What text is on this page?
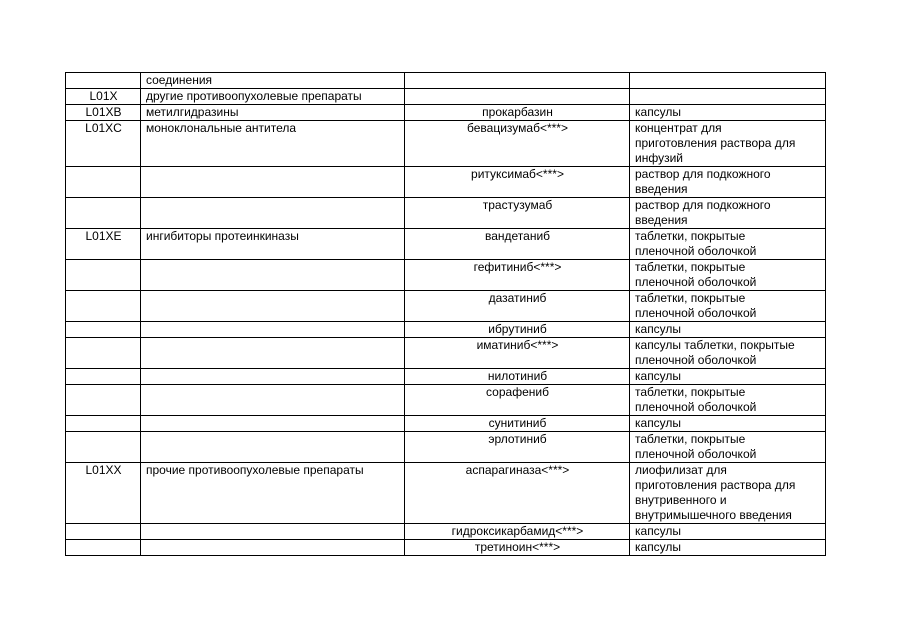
	соединения		
L01X	другие противоопухолевые препараты		
L01XB	метилгидразины	прокарбазин	капсулы
L01XC	моноклональные антитела	бевацизумаб<***>	концентрат для
приготовления раствора для
инфузий
		ритуксимаб<***>	раствор для подкожного
введения
		трастузумаб	раствор для подкожного
введения
L01XE	ингибиторы протеинкиназы	вандетаниб	таблетки, покрытые
пленочной оболочкой
		гефитиниб<***>	таблетки, покрытые
пленочной оболочкой
		дазатиниб	таблетки, покрытые
пленочной оболочкой
		ибрутиниб	капсулы
		иматиниб<***>	капсулы таблетки, покрытые
пленочной оболочкой
		нилотиниб	капсулы
		сорафениб	таблетки, покрытые
пленочной оболочкой
		сунитиниб	капсулы
		эрлотиниб	таблетки, покрытые
пленочной оболочкой
L01XX	прочие противоопухолевые препараты	аспарагиназа<***>	лиофилизат для
приготовления раствора для
внутривенного и
внутримышечного введения
		гидроксикарбамид<***>	капсулы
		третиноин<***>	капсулы
